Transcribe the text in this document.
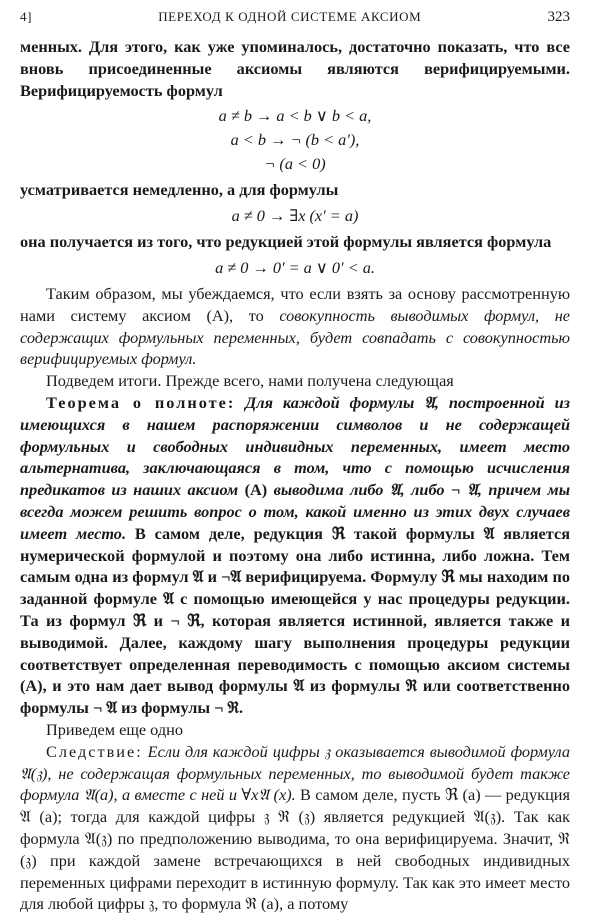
4]	ПЕРЕХОД К ОДНОЙ СИСТЕМЕ АКСИОМ	323

менных. Для этого, как уже упоминалось, достаточно показать, что все вновь присоединенные аксиомы являются верифицируемыми. Верифицируемость формул

a ≠ b → a < b ∨ b < a,
a < b → ¬ (b < a′),
¬ (a < 0)

усматривается немедленно, а для формулы

a ≠ 0 → ∃x (x′ = a)

она получается из того, что редукцией этой формулы является формула

a ≠ 0 → 0′ = a ∨ 0′ < a.

Таким образом, мы убеждаемся, что если взять за основу рассмотренную нами систему аксиом (A), то совокупность выводимых формул, не содержащих формульных переменных, будет совпадать с совокупностью верифицируемых формул.

Подведем итоги. Прежде всего, нами получена следующая

Теорема о полноте: Для каждой формулы 𝔄, построенной из имеющихся в нашем распоряжении символов и не содержащей формульных и свободных индивидных переменных, имеет место альтернатива, заключающаяся в том, что с помощью исчисления предикатов из наших аксиом (A) выводима либо 𝔄, либо ¬ 𝔄, причем мы всегда можем решить вопрос о том, какой именно из этих двух случаев имеет место. В самом деле, редукция ℜ такой формулы 𝔄 является нумерической формулой и поэтому она либо истинна, либо ложна. Тем самым одна из формул 𝔄 и ¬𝔄 верифицируема. Формулу ℜ мы находим по заданной формуле 𝔄 с помощью имеющейся у нас процедуры редукции. Та из формул ℜ и ¬ ℜ, которая является истинной, является также и выводимой. Далее, каждому шагу выполнения процедуры редукции соответствует определенная переводимость с помощью аксиом системы (A), и это нам дает вывод формулы 𝔄 из формулы ℜ или соответственно формулы ¬ 𝔄 из формулы ¬ ℜ.

Приведем еще одно

Следствие: Если для каждой цифры 𝔷 оказывается выводимой формула 𝔄(𝔷), не содержащая формульных переменных, то выводимой будет также формула 𝔄(a), а вместе с ней и ∀x𝔄 (x). В самом деле, пусть ℜ (a) — редукция 𝔄 (a); тогда для каждой цифры 𝔷 ℜ (𝔷) является редукцией 𝔄(𝔷). Так как формула 𝔄(𝔷) по предположению выводима, то она верифицируема. Значит, ℜ (𝔷) при каждой замене встречающихся в ней свободных индивидных переменных цифрами переходит в истинную формулу. Так как это имеет место для любой цифры 𝔷, то формула ℜ (a), а потому
